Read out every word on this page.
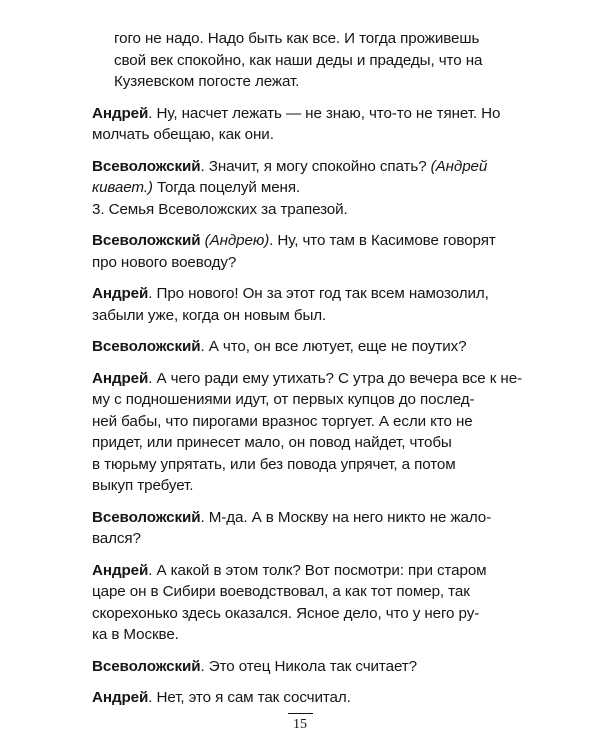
гого не надо. Надо быть как все. И тогда проживешь
свой век спокойно, как наши деды и прадеды, что на
Кузяевском погосте лежат.
Андрей. Ну, насчет лежать — не знаю, что-то не тянет. Но
молчать обещаю, как они.
Всеволожский. Значит, я могу спокойно спать? (Андрей
кивает.) Тогда поцелуй меня.
3. Семья Всеволожских за трапезой.
Всеволожский (Андрею). Ну, что там в Касимове говорят
про нового воеводу?
Андрей. Про нового! Он за этот год так всем намозолил,
забыли уже, когда он новым был.
Всеволожский. А что, он все лютует, еще не поутих?
Андрей. А чего ради ему утихать? С утра до вечера все к не-
му с подношениями идут, от первых купцов до послед-
ней бабы, что пирогами вразнос торгует. А если кто не
придет, или принесет мало, он повод найдет, чтобы
в тюрьму упрятать, или без повода упрячет, а потом
выкуп требует.
Всеволожский. М-да. А в Москву на него никто не жало-
вался?
Андрей. А какой в этом толк? Вот посмотри: при старом
царе он в Сибири воеводствовал, а как тот помер, так
скорехонько здесь оказался. Ясное дело, что у него ру-
ка в Москве.
Всеволожский. Это отец Никола так считает?
Андрей. Нет, это я сам так сосчитал.
15
